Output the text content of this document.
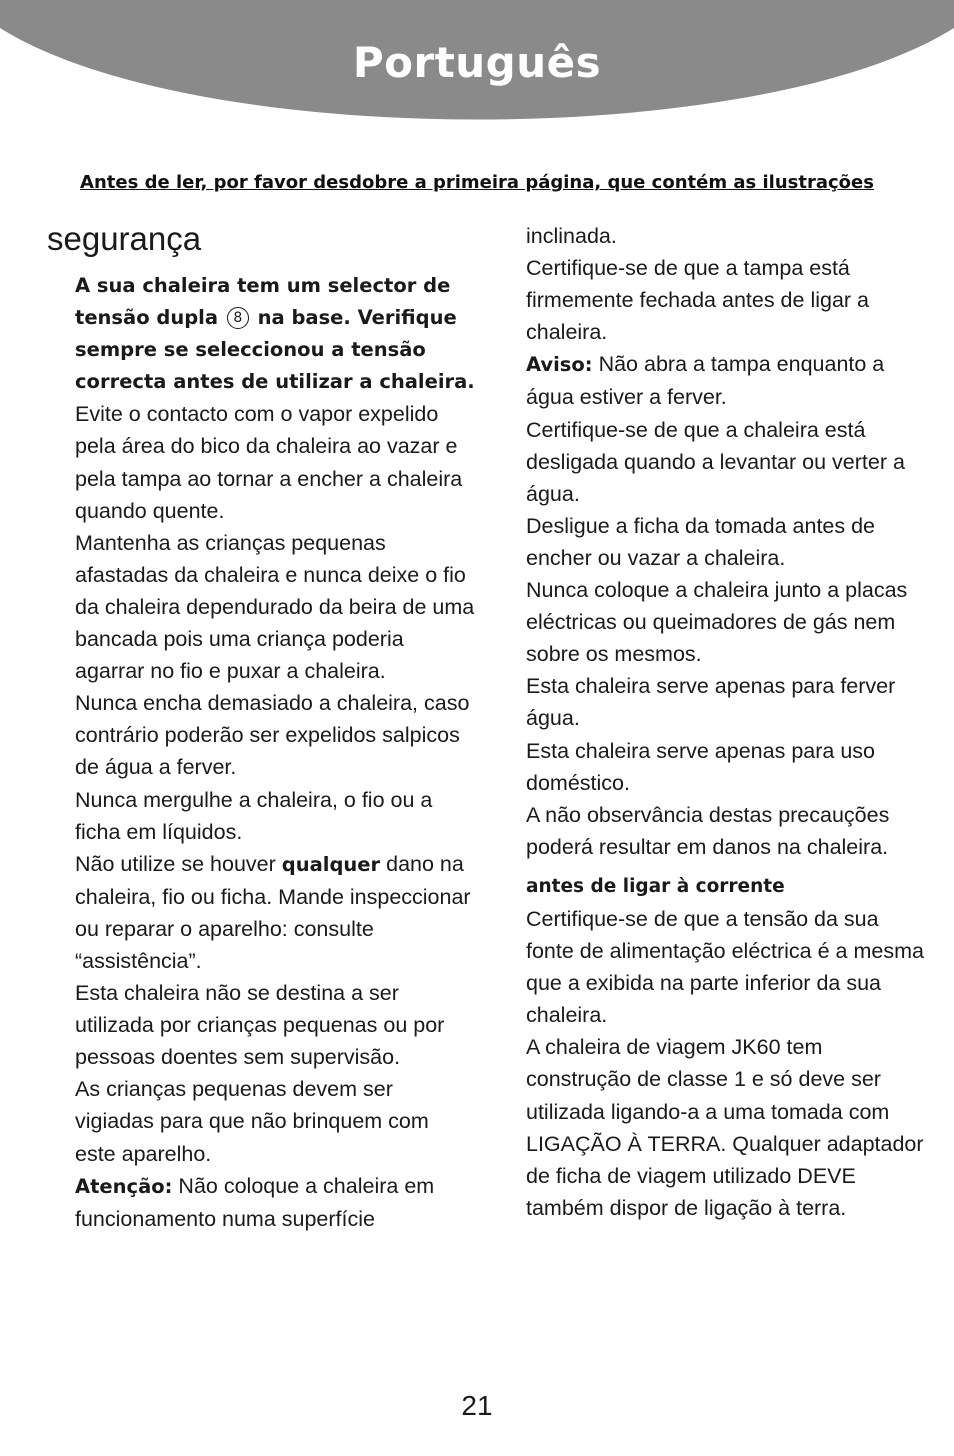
Português
Antes de ler, por favor desdobre a primeira página, que contém as ilustrações
segurança

A sua chaleira tem um selector de tensão dupla 8 na base. Verifique sempre se seleccionou a tensão correcta antes de utilizar a chaleira.

Evite o contacto com o vapor expelido pela área do bico da chaleira ao vazar e pela tampa ao tornar a encher a chaleira quando quente.

Mantenha as crianças pequenas afastadas da chaleira e nunca deixe o fio da chaleira dependurado da beira de uma bancada pois uma criança poderia agarrar no fio e puxar a chaleira.

Nunca encha demasiado a chaleira, caso contrário poderão ser expelidos salpicos de água a ferver.

Nunca mergulhe a chaleira, o fio ou a ficha em líquidos.

Não utilize se houver qualquer dano na chaleira, fio ou ficha. Mande inspeccionar ou reparar o aparelho: consulte “assistência”.

Esta chaleira não se destina a ser utilizada por crianças pequenas ou por pessoas doentes sem supervisão.

As crianças pequenas devem ser vigiadas para que não brinquem com este aparelho.

Atenção: Não coloque a chaleira em funcionamento numa superfície

inclinada.

Certifique-se de que a tampa está firmemente fechada antes de ligar a chaleira.

Aviso: Não abra a tampa enquanto a água estiver a ferver.

Certifique-se de que a chaleira está desligada quando a levantar ou verter a água.

Desligue a ficha da tomada antes de encher ou vazar a chaleira.

Nunca coloque a chaleira junto a placas eléctricas ou queimadores de gás nem sobre os mesmos.

Esta chaleira serve apenas para ferver água.

Esta chaleira serve apenas para uso doméstico.

A não observância destas precauções poderá resultar em danos na chaleira.

antes de ligar à corrente

Certifique-se de que a tensão da sua fonte de alimentação eléctrica é a mesma que a exibida na parte inferior da sua chaleira.

A chaleira de viagem JK60 tem construção de classe 1 e só deve ser utilizada ligando-a a uma tomada com LIGAÇÃO À TERRA. Qualquer adaptador de ficha de viagem utilizado DEVE também dispor de ligação à terra.

21
